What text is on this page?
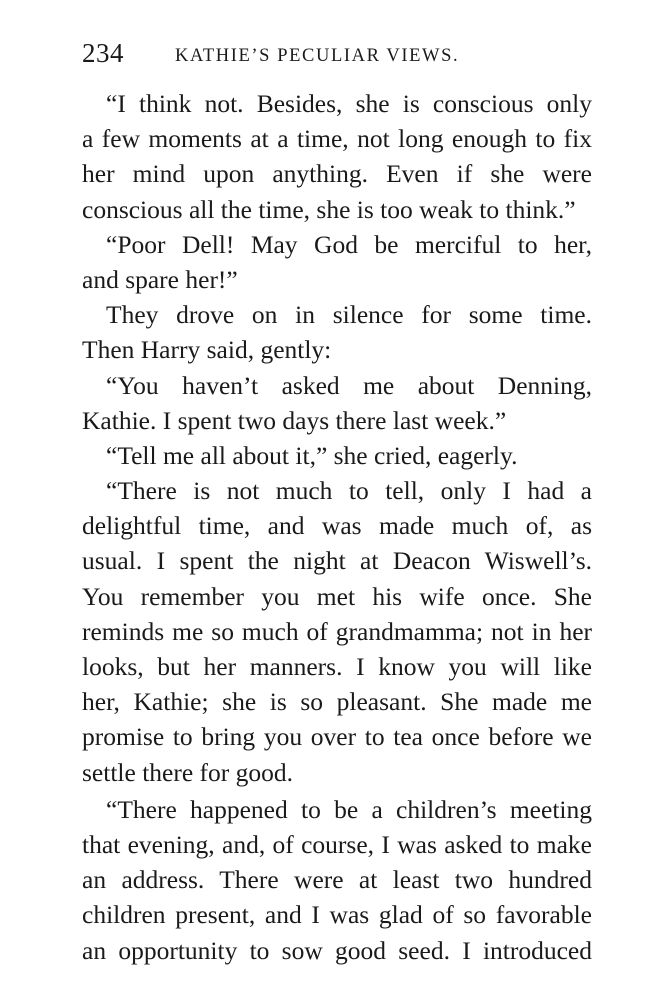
234	KATHIE’S PECULIAR VIEWS.
“I think not. Besides, she is conscious only
a few moments at a time, not long enough to fix
her mind upon anything. Even if she were
conscious all the time, she is too weak to think.”
“Poor Dell! May God be merciful to her,
and spare her!”
They drove on in silence for some time.
Then Harry said, gently:
“You haven’t asked me about Denning,
Kathie. I spent two days there last week.”
“Tell me all about it,” she cried, eagerly.
“There is not much to tell, only I had a
delightful time, and was made much of, as
usual. I spent the night at Deacon Wiswell’s.
You remember you met his wife once. She
reminds me so much of grandmamma; not in her
looks, but her manners. I know you will like
her, Kathie; she is so pleasant. She made me
promise to bring you over to tea once before we
settle there for good.
“There happened to be a children’s meeting
that evening, and, of course, I was asked to make
an address. There were at least two hundred
children present, and I was glad of so favorable
an opportunity to sow good seed. I introduced
